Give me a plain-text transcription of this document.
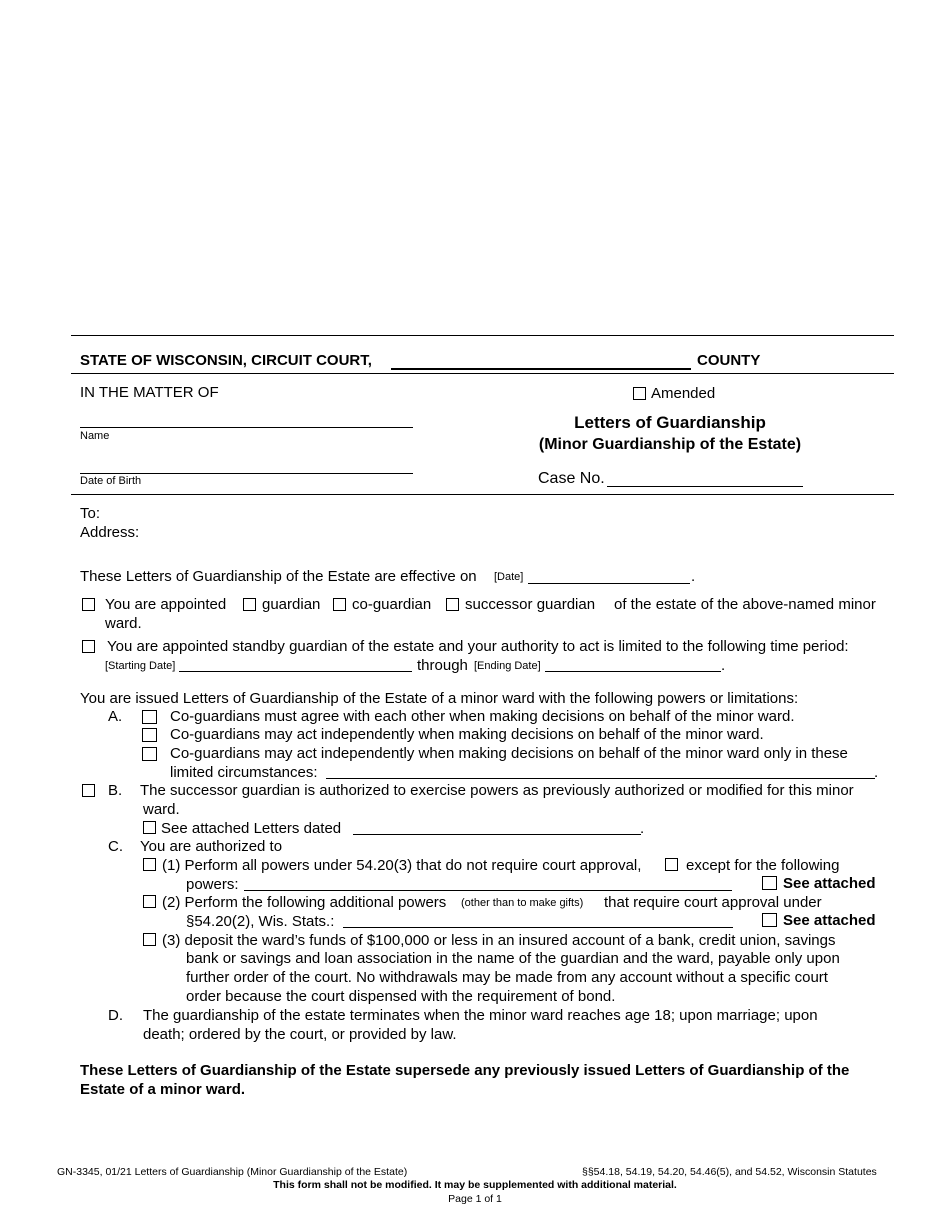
STATE OF WISCONSIN, CIRCUIT COURT,	COUNTY
IN THE MATTER OF
Name
Date of Birth
Amended
Letters of Guardianship
(Minor Guardianship of the Estate)
Case No.
To:
Address:
These Letters of Guardianship of the Estate are effective on [Date]	.
You are appointed guardian co-guardian successor guardian of the estate of the above-named minor
ward.
You are appointed standby guardian of the estate and your authority to act is limited to the following time period:
[Starting Date]	through [Ending Date]	.
You are issued Letters of Guardianship of the Estate of a minor ward with the following powers or limitations:
A.	Co-guardians must agree with each other when making decisions on behalf of the minor ward.
Co-guardians may act independently when making decisions on behalf of the minor ward.
Co-guardians may act independently when making decisions on behalf of the minor ward only in these
limited circumstances:	.
B. The successor guardian is authorized to exercise powers as previously authorized or modified for this minor
ward.
See attached Letters dated	.
C. You are authorized to
(1) Perform all powers under 54.20(3) that do not require court approval,	except for the following
powers:	See attached
(2) Perform the following additional powers (other than to make gifts) that require court approval under
§54.20(2), Wis. Stats.:	See attached
(3) deposit the ward’s funds of $100,000 or less in an insured account of a bank, credit union, savings
bank or savings and loan association in the name of the guardian and the ward, payable only upon
further order of the court. No withdrawals may be made from any account without a specific court
order because the court dispensed with the requirement of bond.
D. The guardianship of the estate terminates when the minor ward reaches age 18; upon marriage; upon
death; ordered by the court, or provided by law.
These Letters of Guardianship of the Estate supersede any previously issued Letters of Guardianship of the
Estate of a minor ward.
GN-3345, 01/21 Letters of Guardianship (Minor Guardianship of the Estate)	§§54.18, 54.19, 54.20, 54.46(5), and 54.52, Wisconsin Statutes
This form shall not be modified. It may be supplemented with additional material.
Page 1 of 1
